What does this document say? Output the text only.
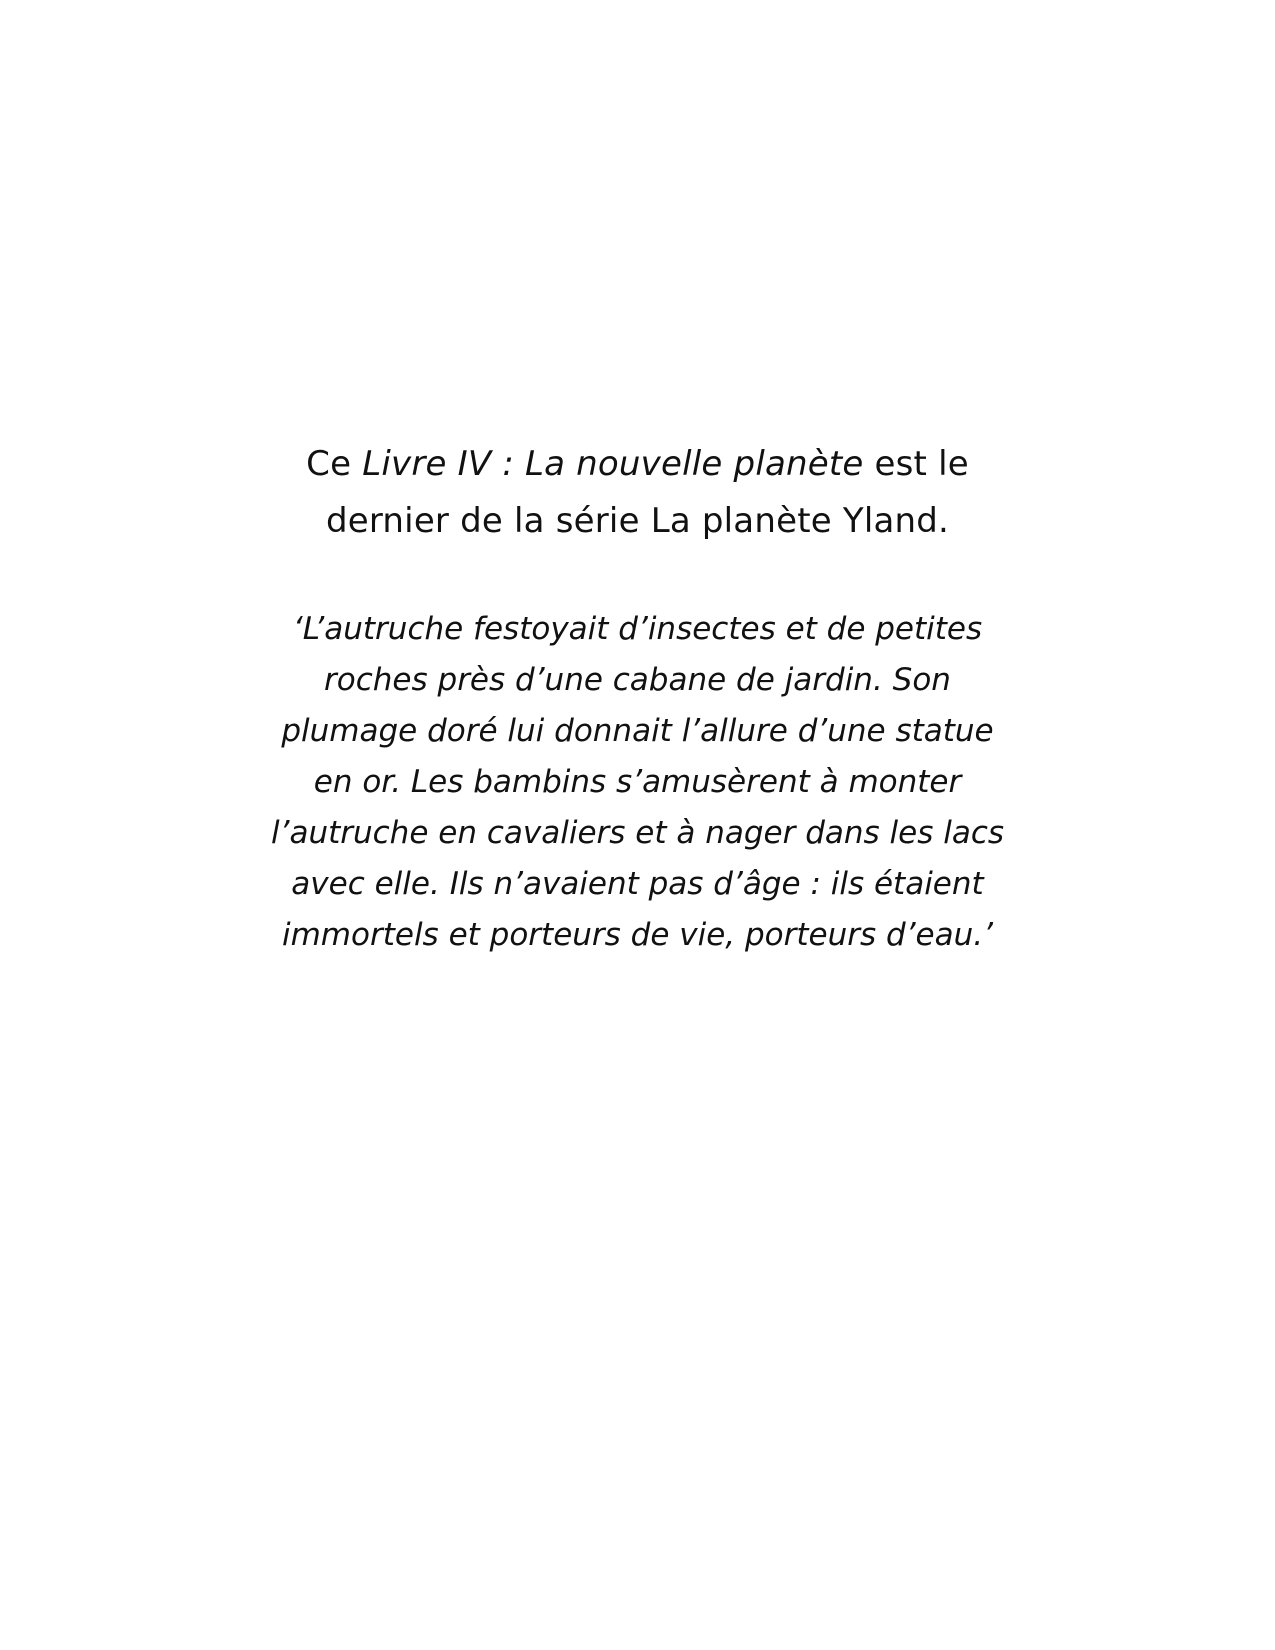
Ce Livre IV : La nouvelle planète est le
dernier de la série La planète Yland.

‘L’autruche festoyait d’insectes et de petites
roches près d’une cabane de jardin. Son
plumage doré lui donnait l’allure d’une statue
en or. Les bambins s’amusèrent à monter
l’autruche en cavaliers et à nager dans les lacs
avec elle. Ils n’avaient pas d’âge : ils étaient
immortels et porteurs de vie, porteurs d’eau.’
